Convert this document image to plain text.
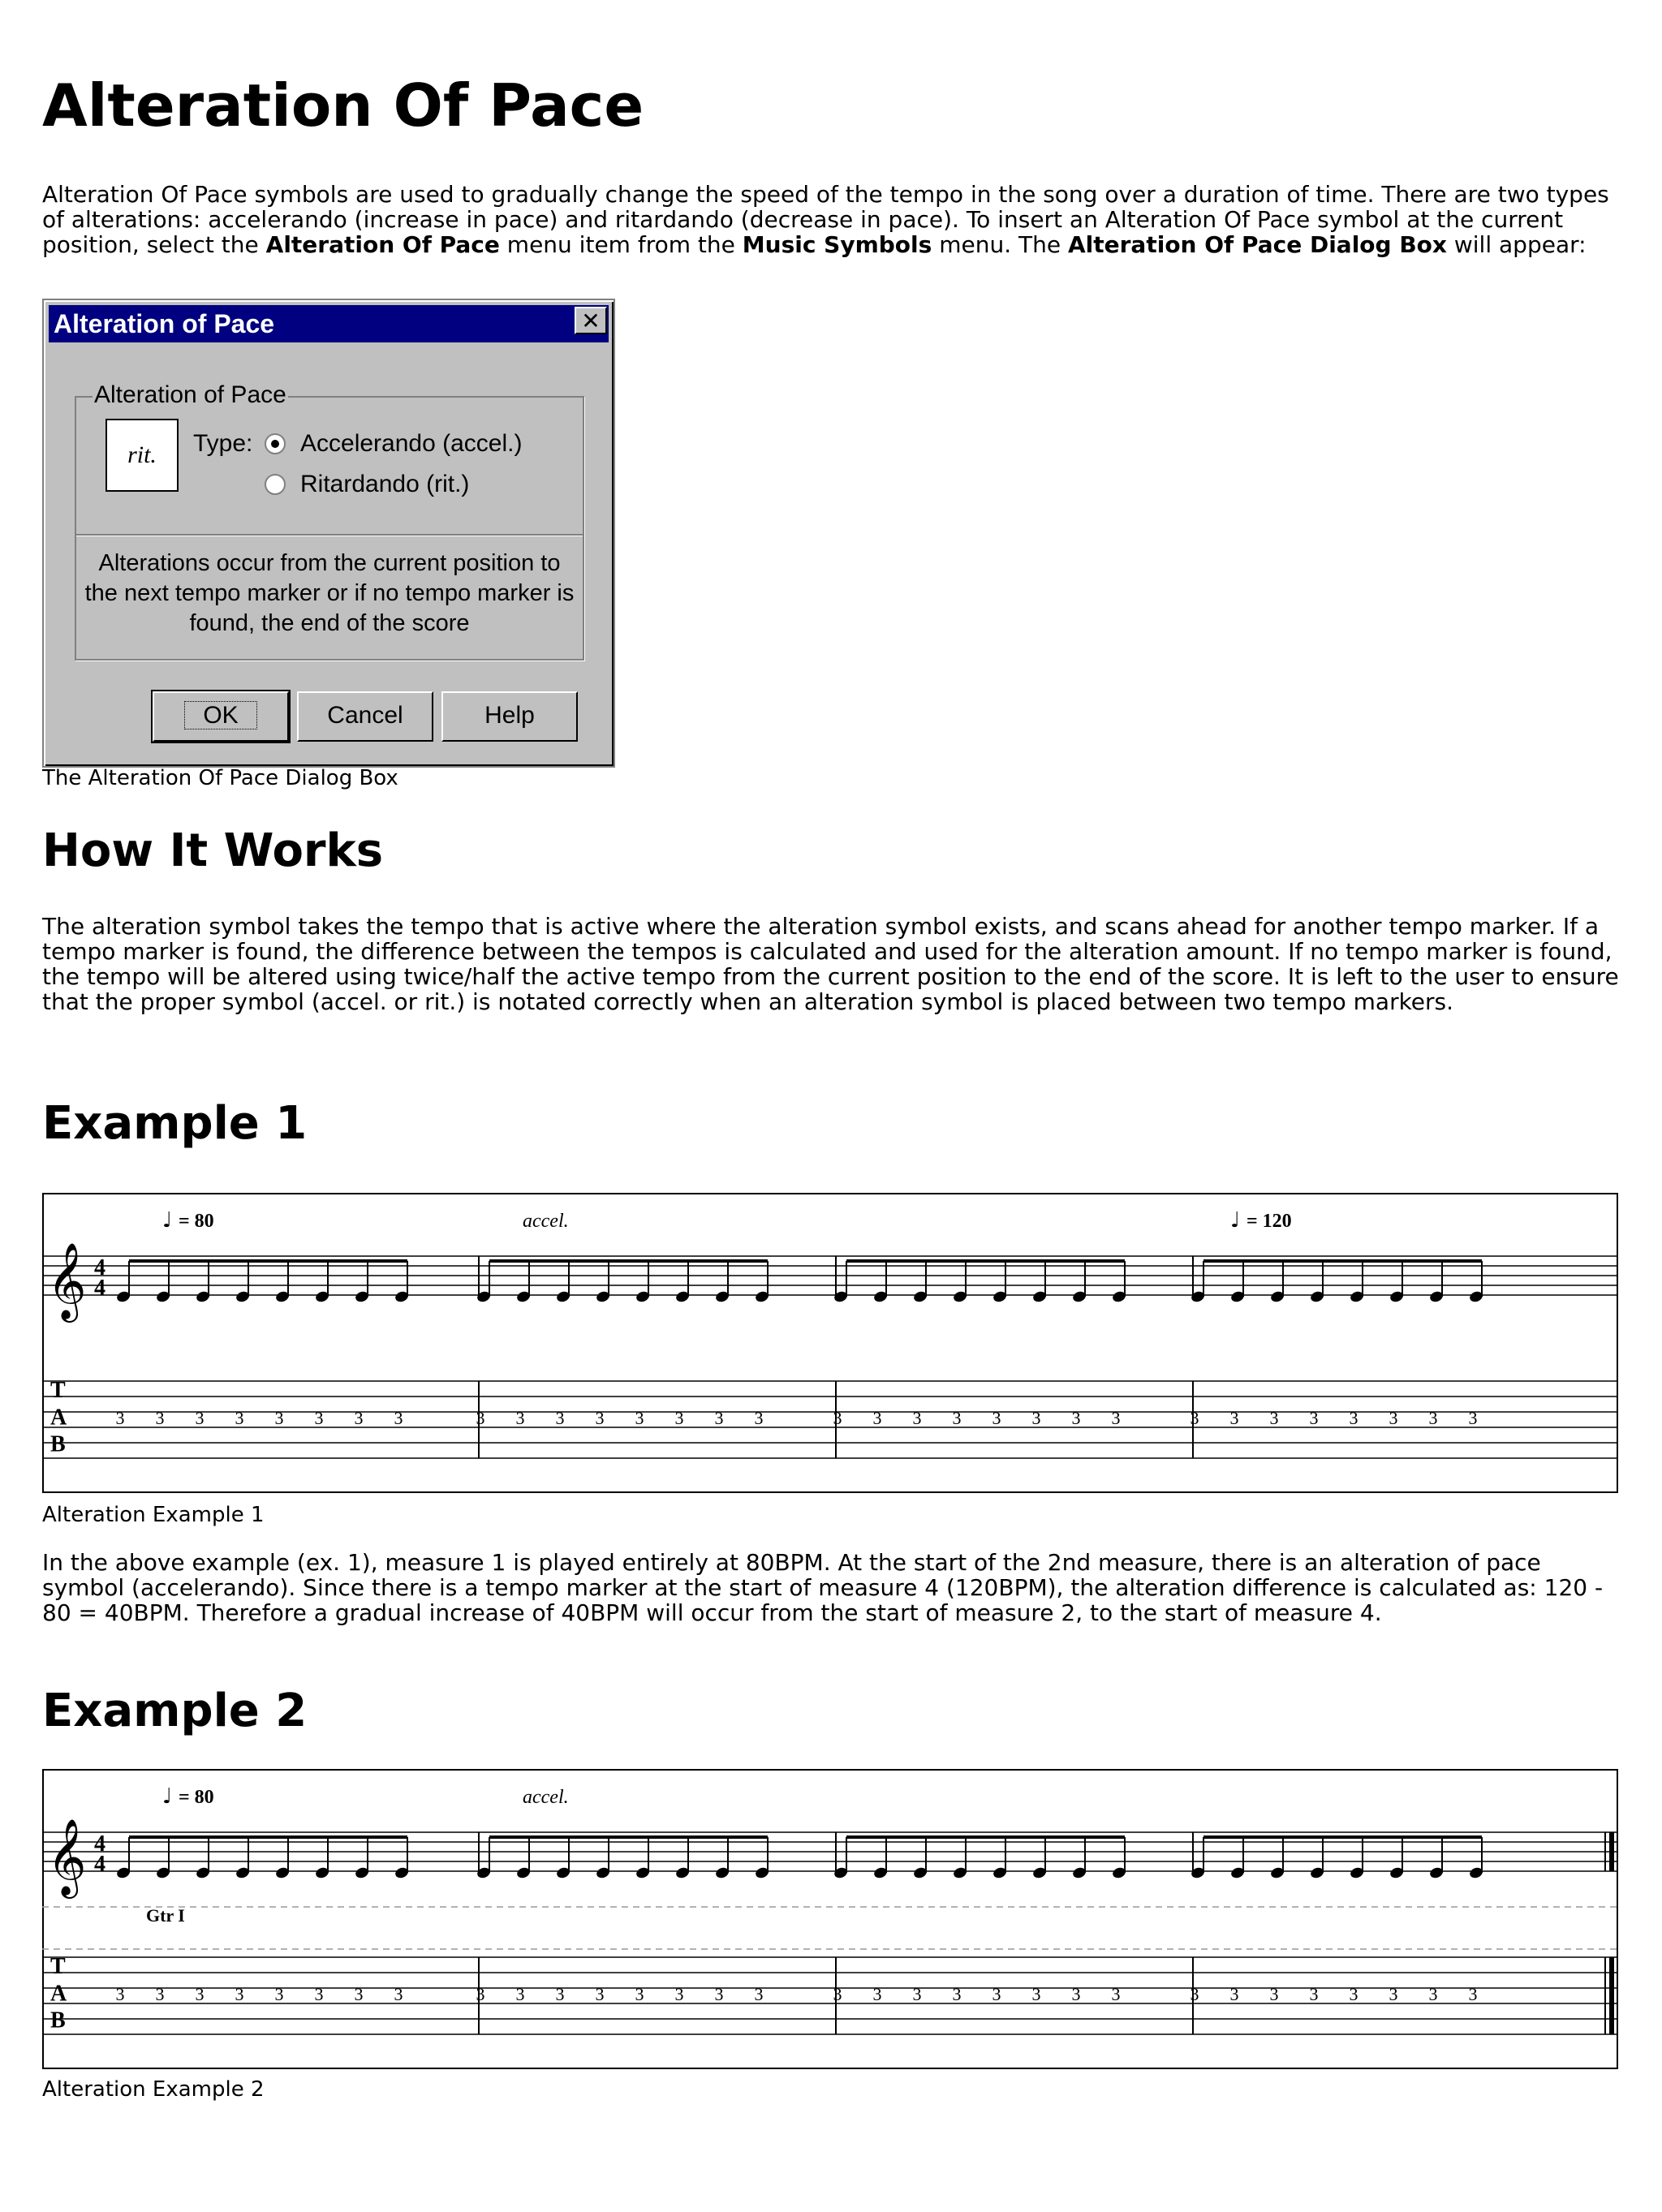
Alteration Of Pace

Alteration Of Pace symbols are used to gradually change the speed of the tempo in the song over a duration of time. There are two types of alterations: accelerando (increase in pace) and ritardando (decrease in pace). To insert an Alteration Of Pace symbol at the current position, select the Alteration Of Pace menu item from the Music Symbols menu. The Alteration Of Pace Dialog Box will appear:

Alteration of Pace	✕
Alteration of Pace
rit.	Type: Accelerando (accel.)
Ritardando (rit.)
Alterations occur from the current position to the next tempo marker or if no tempo marker is found, the end of the score
OK	Cancel	Help
The Alteration Of Pace Dialog Box
How It Works

The alteration symbol takes the tempo that is active where the alteration symbol exists, and scans ahead for another tempo marker. If a tempo marker is found, the difference between the tempos is calculated and used for the alteration amount. If no tempo marker is found, the tempo will be altered using twice/half the active tempo from the current position to the end of the score. It is left to the user to ensure that the proper symbol (accel. or rit.) is notated correctly when an alteration symbol is placed between two tempo markers.

Example 1
T
A
B
𝄞 4
4
3 3 3 3 3 3 3 3	3 3 3 3 3 3 3 3	3 3 3 3 3 3 3 3	3 3 3 3 3 3 3 3
♩ = 80	accel.	♩ = 120
Alteration Example 1

In the above example (ex. 1), measure 1 is played entirely at 80BPM. At the start of the 2nd measure, there is an alteration of pace symbol (accelerando). Since there is a tempo marker at the start of measure 4 (120BPM), the alteration difference is calculated as: 120 - 80 = 40BPM. Therefore a gradual increase of 40BPM will occur from the start of measure 2, to the start of measure 4.

Example 2
Gtr I
T
A
B
𝄞 4
4
3 3 3 3 3 3 3 3	3 3 3 3 3 3 3 3	3 3 3 3 3 3 3 3	3 3 3 3 3 3 3 3
♩ = 80	accel.
Alteration Example 2
